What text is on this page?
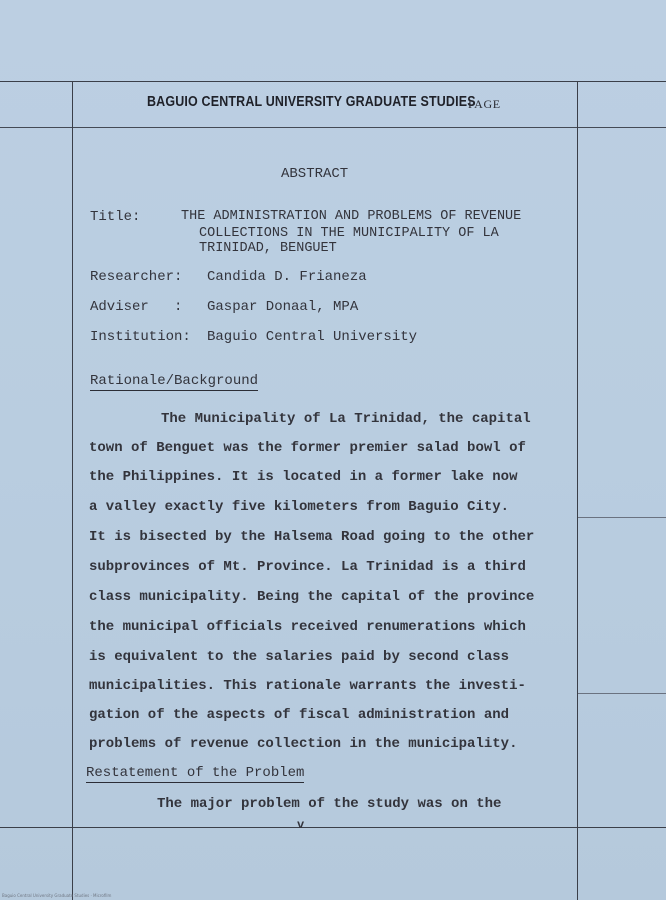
BAGUIO CENTRAL UNIVERSITY GRADUATE STUDIES
PAGE
ABSTRACT
Title:	THE ADMINISTRATION AND PROBLEMS OF REVENUE
COLLECTIONS IN THE MUNICIPALITY OF LA
TRINIDAD, BENGUET
Researcher: Candida D. Frianeza
Adviser   : Gaspar Donaal, MPA
Institution: Baguio Central University
Rationale/Background
The Municipality of La Trinidad, the capital
town of Benguet was the former premier salad bowl of
the Philippines. It is located in a former lake now
a valley exactly five kilometers from Baguio City.
It is bisected by the Halsema Road going to the other
subprovinces of Mt. Province. La Trinidad is a third
class municipality. Being the capital of the province
the municipal officials received renumerations which
is equivalent to the salaries paid by second class
municipalities. This rationale warrants the investi-
gation of the aspects of fiscal administration and
problems of revenue collection in the municipality.
Restatement of the Problem
The major problem of the study was on the
v
Baguio Central University Graduate Studies · Microfilm
